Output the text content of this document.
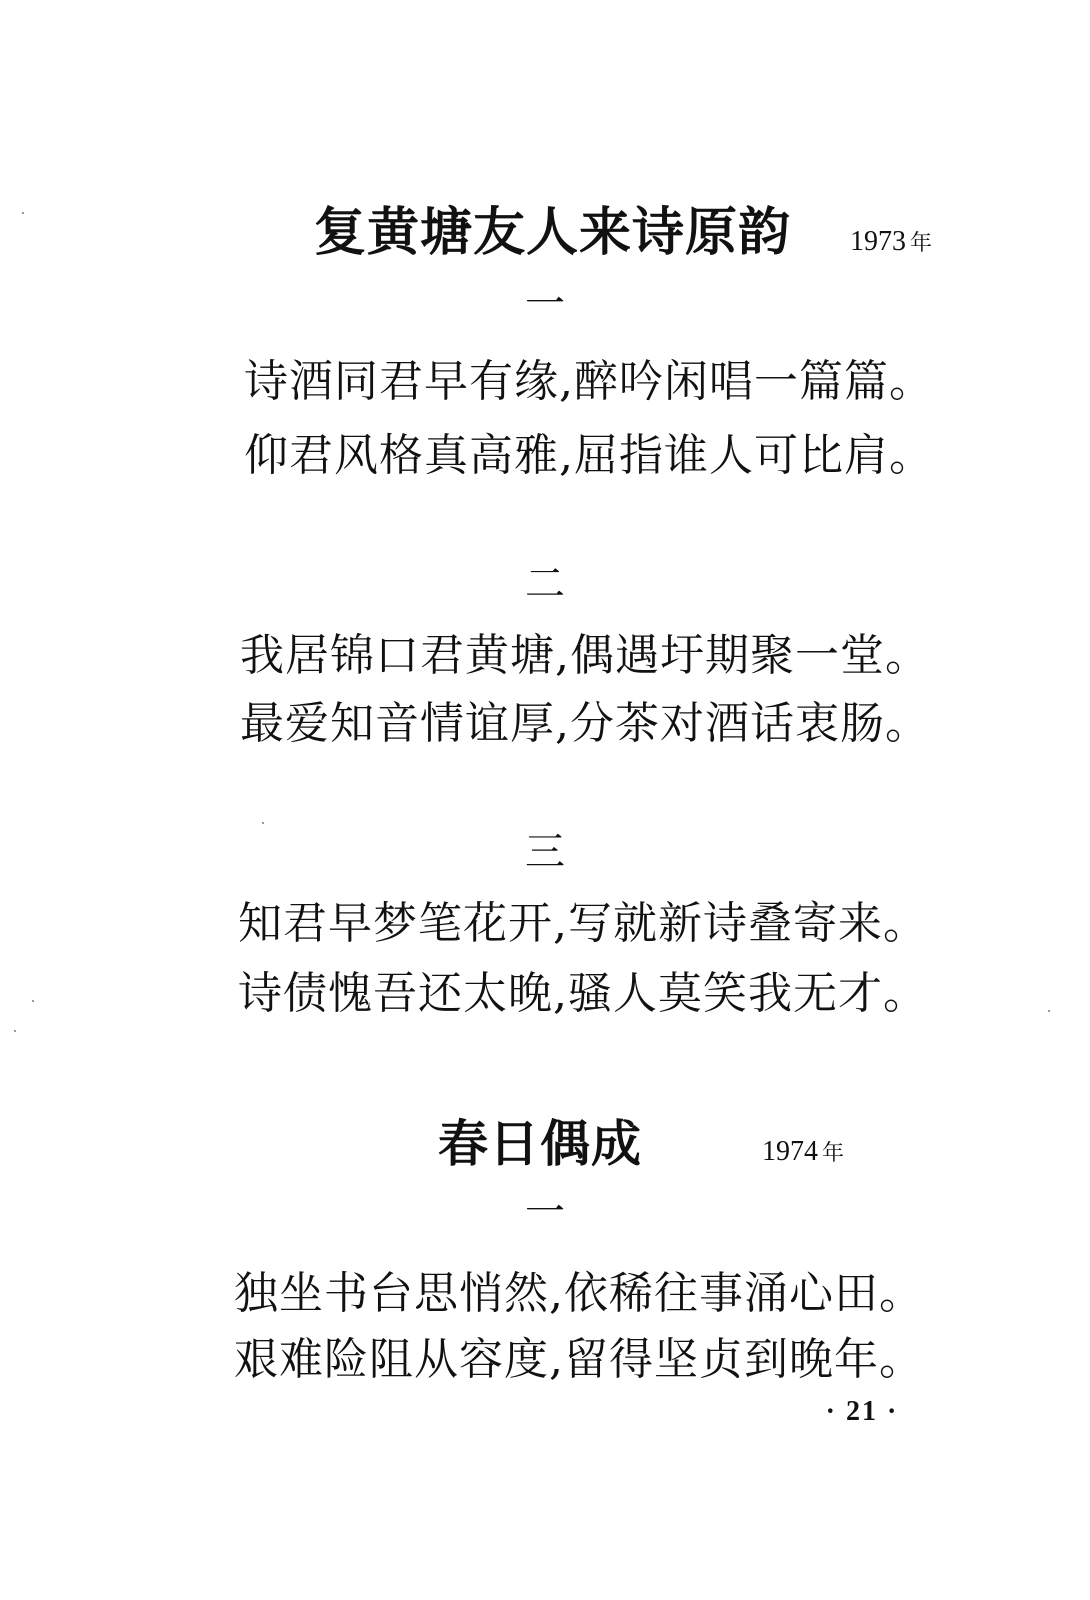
复黄塘友人来诗原韵 1973 年
一
诗酒同君早有缘,醉吟闲唱一篇篇。
仰君风格真高雅,屈指谁人可比肩。
二
我居锦口君黄塘,偶遇圩期聚一堂。
最爱知音情谊厚,分茶对酒话衷肠。
三
知君早梦笔花开,写就新诗叠寄来。
诗债愧吾还太晚,骚人莫笑我无才。
春日偶成	1974 年
一
独坐书台思悄然,依稀往事涌心田。
艰难险阻从容度,留得坚贞到晚年。
· 21 ·
